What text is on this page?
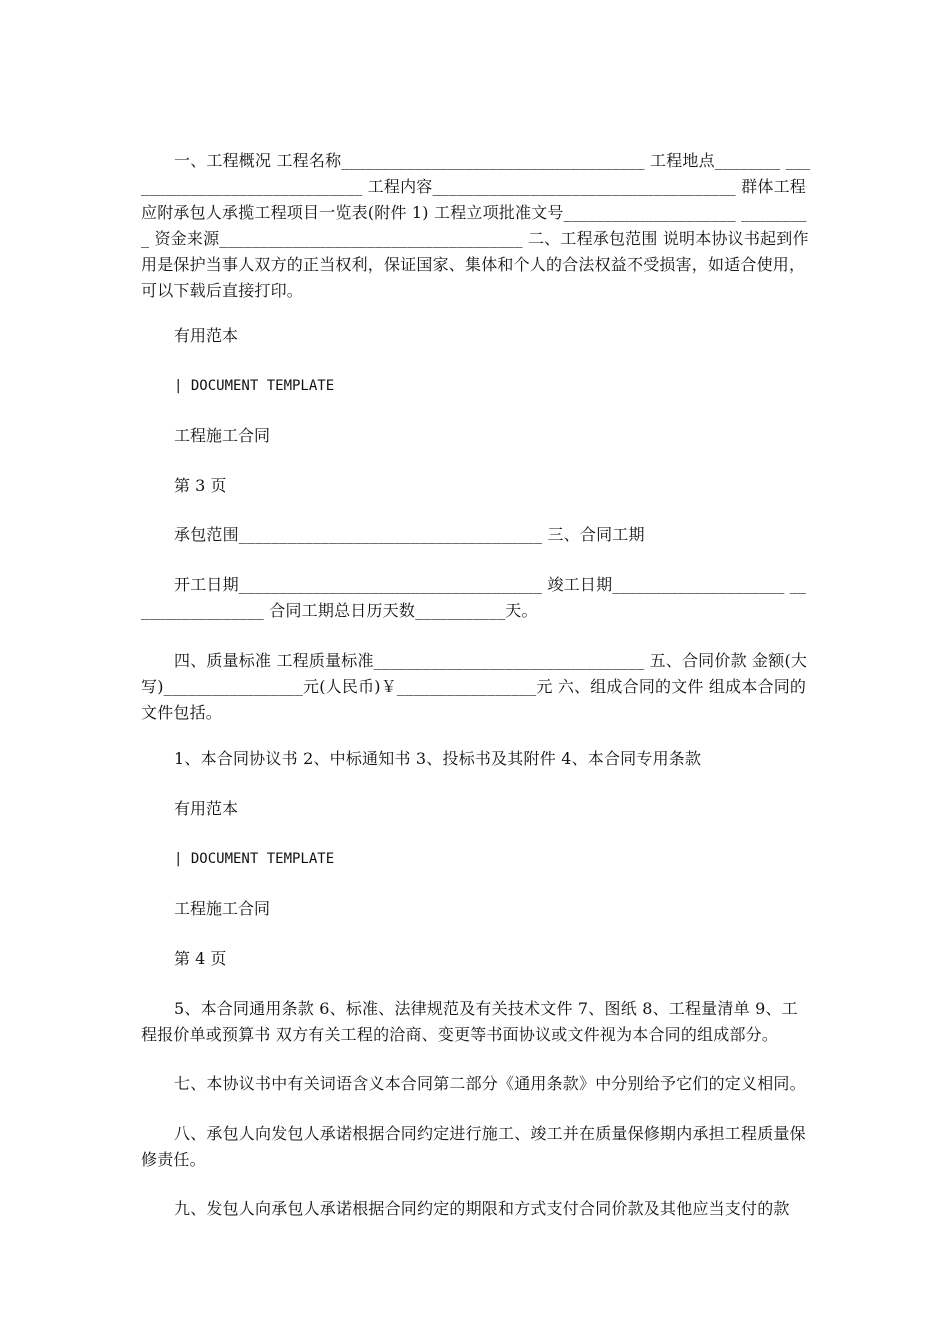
一、工程概况 工程名称_____________________________________ 工程地点________ ______________________________ 工程内容_____________________________________ 群体工程应附承包人承揽工程项目一览表(附件 1) 工程立项批准文号_____________________ _________ 资金来源_____________________________________ 二、工程承包范围 说明本协议书起到作用是保护当事人双方的正当权利，保证国家、集体和个人的合法权益不受损害，如适合使用，可以下载后直接打印。

有用范本

| DOCUMENT TEMPLATE

工程施工合同

第 3 页

承包范围_____________________________________ 三、合同工期

开工日期_____________________________________ 竣工日期_____________________ _________________ 合同工期总日历天数___________天。

四、质量标准 工程质量标准_________________________________ 五、合同价款 金额(大写)_________________元(人民币)￥_________________元 六、组成合同的文件 组成本合同的文件包括。

1、本合同协议书 2、中标通知书 3、投标书及其附件 4、本合同专用条款

有用范本

| DOCUMENT TEMPLATE

工程施工合同

第 4 页

5、本合同通用条款 6、标准、法律规范及有关技术文件 7、图纸 8、工程量清单 9、工程报价单或预算书 双方有关工程的洽商、变更等书面协议或文件视为本合同的组成部分。

七、本协议书中有关词语含义本合同第二部分《通用条款》中分别给予它们的定义相同。

八、承包人向发包人承诺根据合同约定进行施工、竣工并在质量保修期内承担工程质量保修责任。

九、发包人向承包人承诺根据合同约定的期限和方式支付合同价款及其他应当支付的款
